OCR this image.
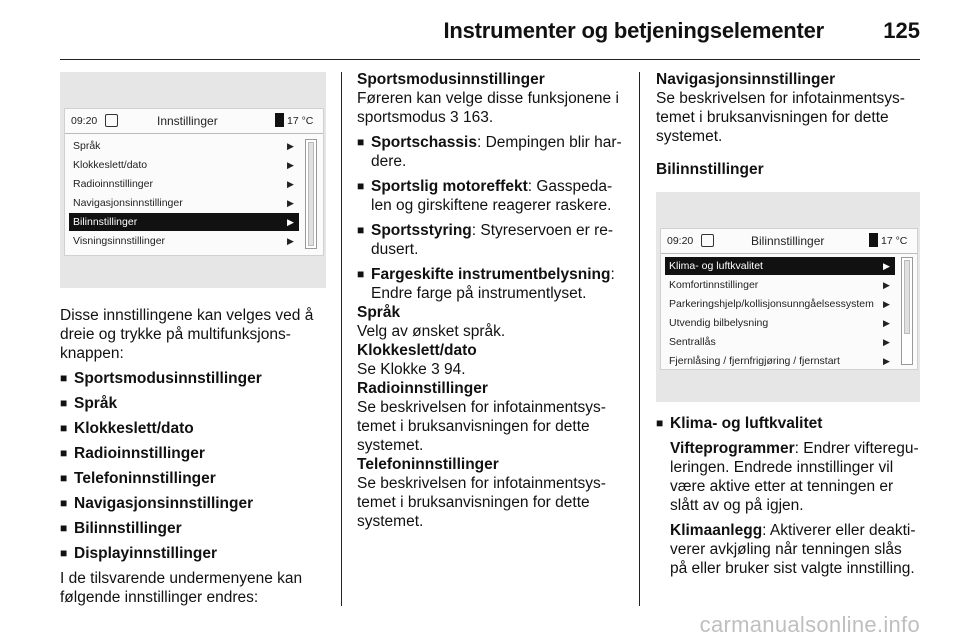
Instrumenter og betjeningselementer	125
09:20	Innstillinger	17 °C
Språk	▶
Klokkeslett/dato	▶
Radioinnstillinger	▶
Navigasjonsinnstillinger	▶
Bilinnstillinger	▶
Visningsinnstillinger	▶

Disse innstillingene kan velges ved å dreie og trykke på multifunksjons-knappen:

■ Sportsmodusinnstillinger
■ Språk
■ Klokkeslett/dato
■ Radioinnstillinger
■ Telefoninnstillinger
■ Navigasjonsinnstillinger
■ Bilinnstillinger
■ Displayinnstillinger

I de tilsvarende undermenyene kan følgende innstillinger endres:

Sportsmodusinnstillinger

Føreren kan velge disse funksjonene i sportsmodus 3 163.

■ Sportschassis: Dempingen blir har-dere.
■ Sportslig motoreffekt: Gasspeda-len og girskiftene reagerer raskere.
■ Sportsstyring: Styreservoen er re-dusert.
■ Fargeskifte instrumentbelysning: Endre farge på instrumentlyset.

Språk

Velg av ønsket språk.

Klokkeslett/dato

Se Klokke 3 94.

Radioinnstillinger

Se beskrivelsen for infotainmentsys-temet i bruksanvisningen for dette systemet.

Telefoninnstillinger

Se beskrivelsen for infotainmentsys-temet i bruksanvisningen for dette systemet.

Navigasjonsinnstillinger

Se beskrivelsen for infotainmentsys-temet i bruksanvisningen for dette systemet.

Bilinnstillinger

09:20	Bilinnstillinger	17 °C
Klima- og luftkvalitet	▶
Komfortinnstillinger	▶
Parkeringshjelp/kollisjonsunngåelsessystem ▶
Utvendig bilbelysning	▶
Sentrallås	▶
Fjernlåsing / fjernfrigjøring / fjernstart	▶
■ Klima- og luftkvalitet

Vifteprogrammer: Endrer vifteregu-leringen. Endrede innstillinger vil være aktive etter at tenningen er slått av og på igjen.

Klimaanlegg: Aktiverer eller deakti-verer avkjøling når tenningen slås på eller bruker sist valgte innstilling.

carmanualsonline.info
